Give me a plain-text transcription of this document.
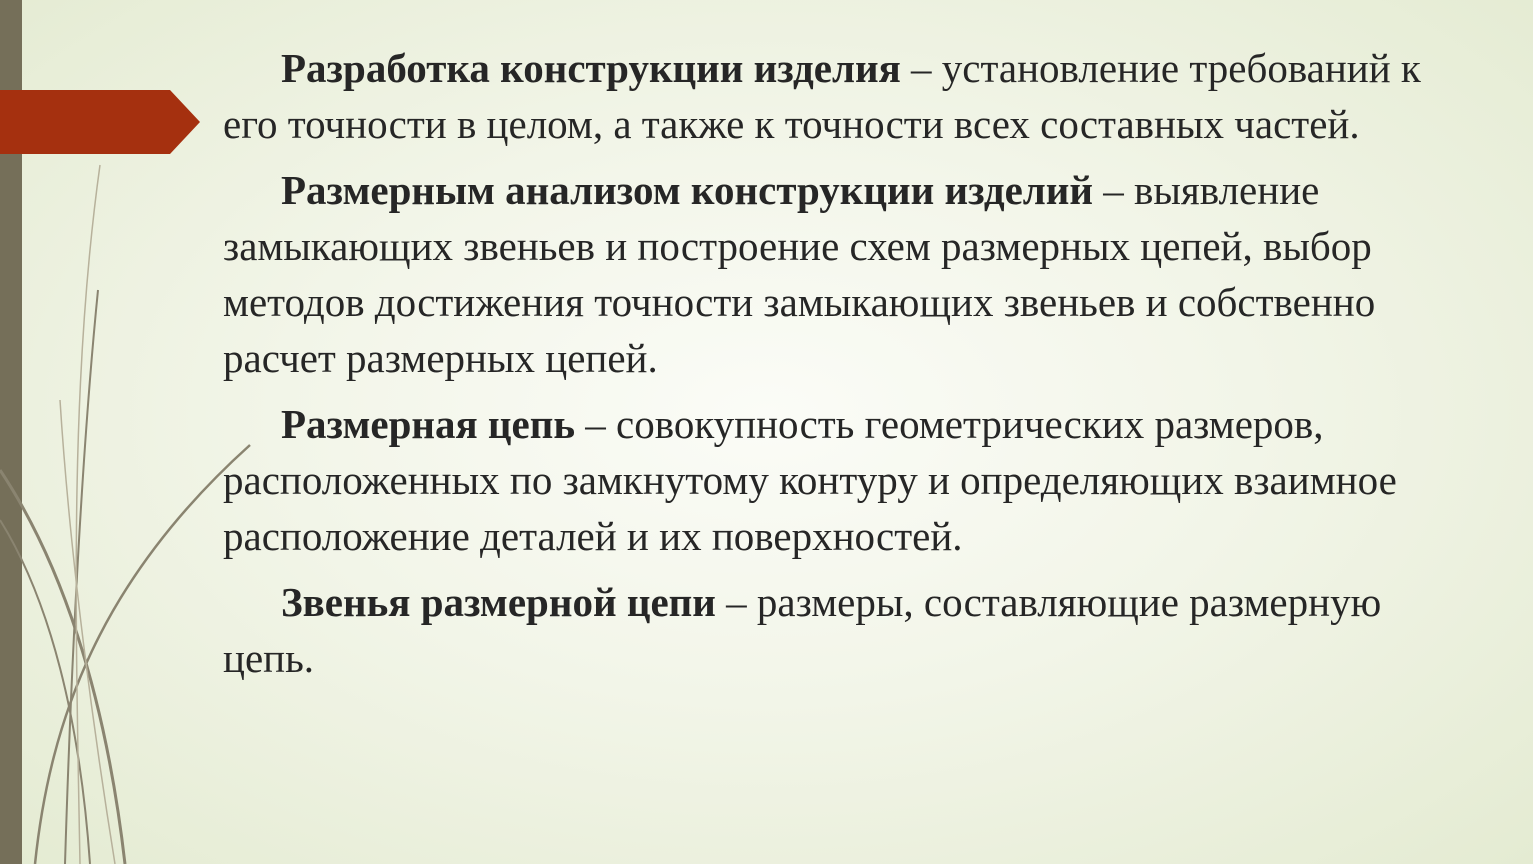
Разработка конструкции изделия – установление требований к его точности в целом, а также к точности всех составных частей.

Размерным анализом конструкции изделий – выявление замыкающих звеньев и построение схем размерных цепей, выбор методов достижения точности замыкающих звеньев и собственно расчет размерных цепей.

Размерная цепь – совокупность геометрических размеров, расположенных по замкнутому контуру и определяющих взаимное расположение деталей и их поверхностей.

Звенья размерной цепи – размеры, составляющие размерную цепь.
